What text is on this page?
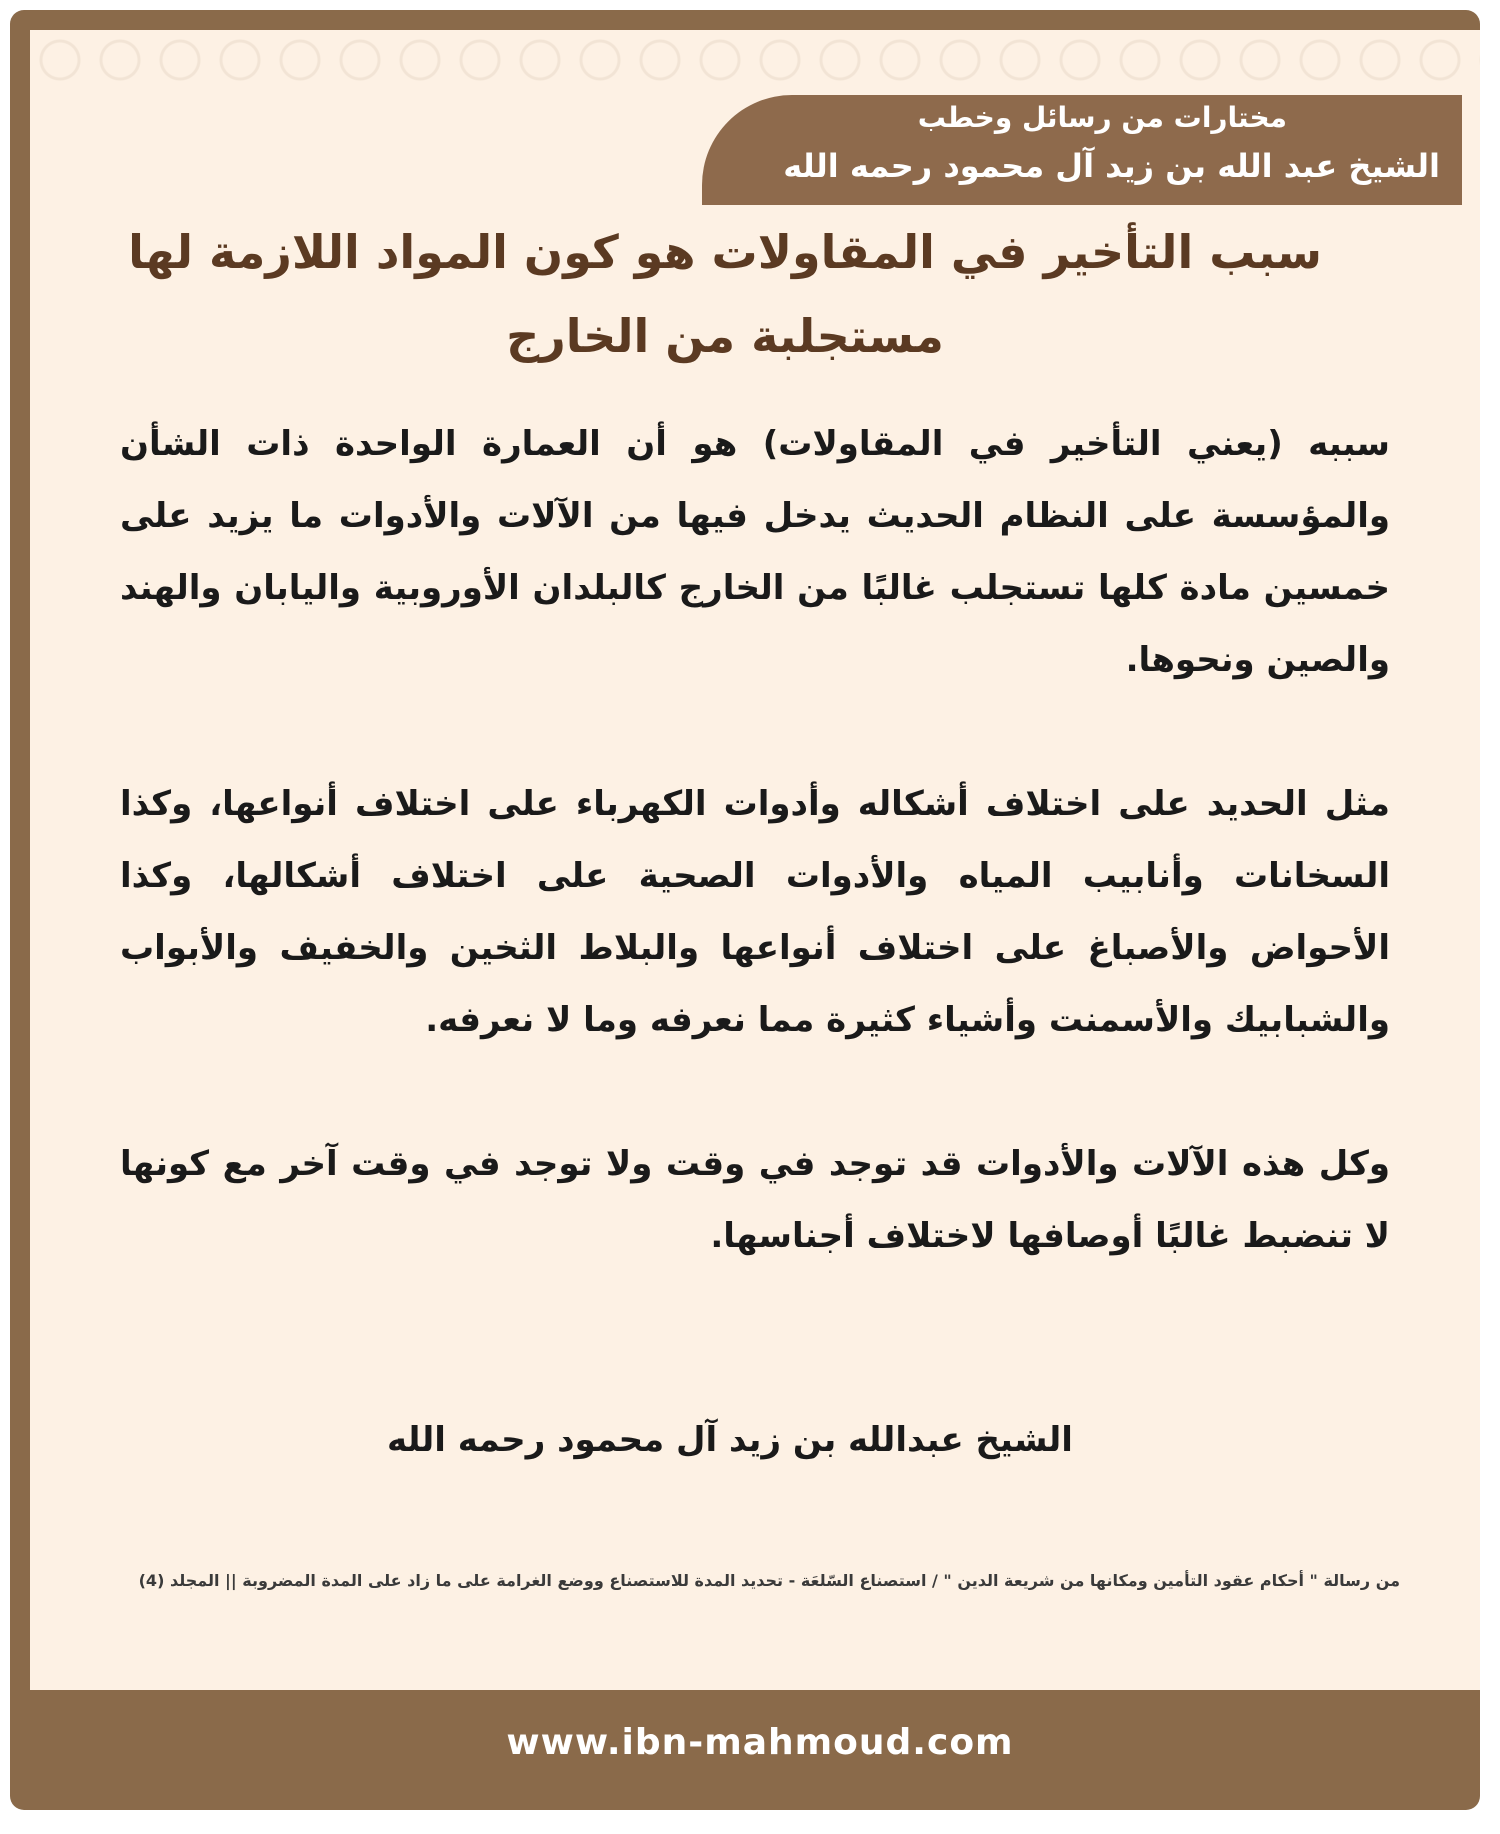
مختارات من رسائل وخطب
الشيخ عبد الله بن زيد آل محمود رحمه الله
www.ibn-mahmoud.com
سبب التأخير في المقاولات هو كون المواد اللازمة لها مستجلبة من الخارج

سببه (يعني التأخير في المقاولات) هو أن العمارة الواحدة ذات الشأن والمؤسسة على النظام الحديث يدخل فيها من الآلات والأدوات ما يزيد على خمسين مادة كلها تستجلب غالبًا من الخارج كالبلدان الأوروبية واليابان والهند والصين ونحوها.

مثل الحديد على اختلاف أشكاله وأدوات الكهرباء على اختلاف أنواعها، وكذا السخانات وأنابيب المياه والأدوات الصحية على اختلاف أشكالها، وكذا الأحواض والأصباغ على اختلاف أنواعها والبلاط الثخين والخفيف والأبواب والشبابيك والأسمنت وأشياء كثيرة مما نعرفه وما لا نعرفه.

وكل هذه الآلات والأدوات قد توجد في وقت ولا توجد في وقت آخر مع كونها لا تنضبط غالبًا أوصافها لاختلاف أجناسها.

الشيخ عبدالله بن زيد آل محمود رحمه الله
من رسالة " أحكام عقود التأمين ومكانها من شريعة الدين " / استصناع السّلعَة - تحديد المدة للاستصناع ووضع الغرامة على ما زاد على المدة المضروبة || المجلد (4)
